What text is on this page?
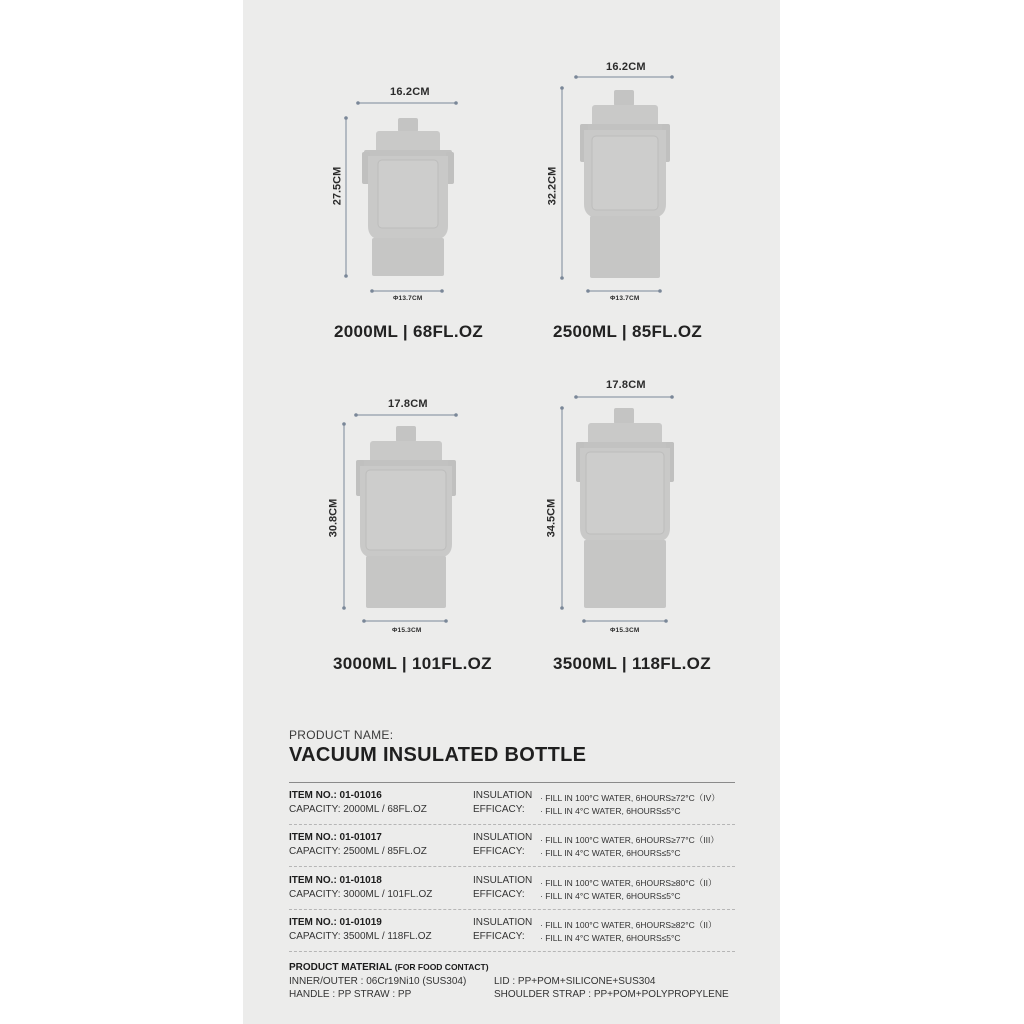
16.2CM
27.5CM
Φ13.7CM
2000ML | 68FL.OZ
16.2CM
32.2CM
Φ13.7CM
2500ML | 85FL.OZ
17.8CM
30.8CM
Φ15.3CM
3000ML | 101FL.OZ
17.8CM
34.5CM
Φ15.3CM
3500ML | 118FL.OZ
PRODUCT NAME:
VACUUM INSULATED BOTTLE
ITEM NO.: 01-01016
CAPACITY: 2000ML / 68FL.OZ
INSULATION · FILL IN 100°C WATER, 6HOURS≥72°C（IV）
EFFICACY: · FILL IN 4°C WATER, 6HOURS≤5°C
ITEM NO.: 01-01017
CAPACITY: 2500ML / 85FL.OZ
INSULATION · FILL IN 100°C WATER, 6HOURS≥77°C（III）
EFFICACY: · FILL IN 4°C WATER, 6HOURS≤5°C
ITEM NO.: 01-01018
CAPACITY: 3000ML / 101FL.OZ
INSULATION · FILL IN 100°C WATER, 6HOURS≥80°C（II）
EFFICACY: · FILL IN 4°C WATER, 6HOURS≤5°C
ITEM NO.: 01-01019
CAPACITY: 3500ML / 118FL.OZ
INSULATION · FILL IN 100°C WATER, 6HOURS≥82°C（II）
EFFICACY: · FILL IN 4°C WATER, 6HOURS≤5°C
PRODUCT MATERIAL (FOR FOOD CONTACT)
INNER/OUTER : 06Cr19Ni10 (SUS304)	LID : PP+POM+SILICONE+SUS304
HANDLE : PP STRAW : PP	SHOULDER STRAP : PP+POM+POLYPROPYLENE
